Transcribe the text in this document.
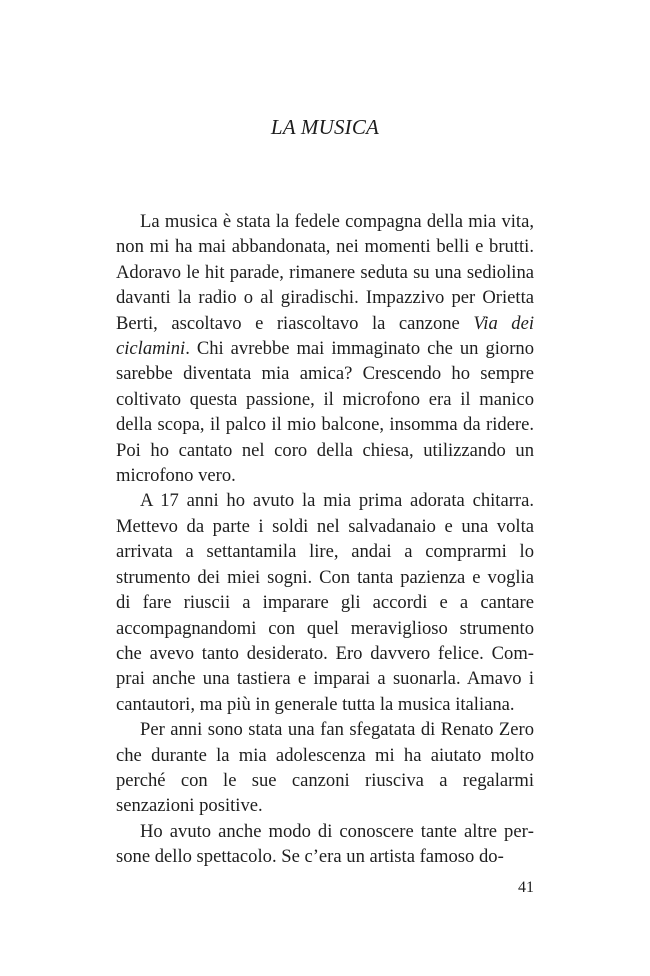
LA MUSICA

La musica è stata la fedele compagna della mia vita, non mi ha mai abbandonata, nei momenti belli e brutti. Adoravo le hit parade, rimanere seduta su una sediolina davanti la radio o al giradischi. Impazzivo per Orietta Berti, ascoltavo e riascoltavo la canzone Via dei ciclamini. Chi avrebbe mai immaginato che un giorno sarebbe diventata mia amica? Crescendo ho sempre coltivato questa passione, il microfono era il manico della scopa, il palco il mio balcone, insomma da ridere. Poi ho cantato nel coro della chiesa, utilizzando un microfono vero.

A 17 anni ho avuto la mia prima adorata chitarra. Mettevo da parte i soldi nel salvadanaio e una volta arrivata a settantamila lire, andai a comprarmi lo strumento dei miei sogni. Con tanta pazienza e voglia di fare riuscii a imparare gli accordi e a cantare accompagnandomi con quel meraviglioso strumento che avevo tanto desiderato. Ero davvero felice. Comprai anche una tastiera e imparai a suonarla. Amavo i cantautori, ma più in generale tutta la musica italiana.

Per anni sono stata una fan sfegatata di Renato Zero che durante la mia adolescenza mi ha aiutato molto perché con le sue canzoni riusciva a regalarmi senzazioni positive.

Ho avuto anche modo di conoscere tante altre persone dello spettacolo. Se c’era un artista famoso do-

41
